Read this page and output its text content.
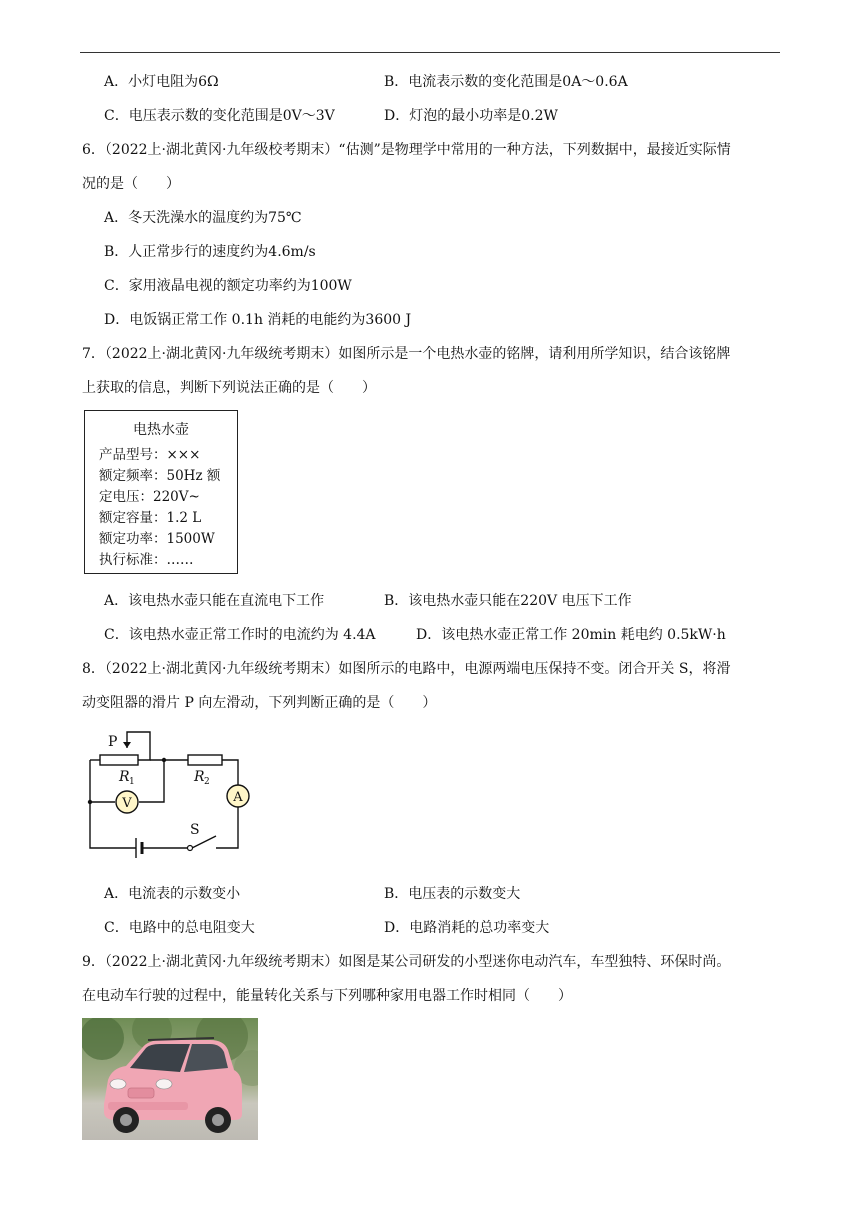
A．小灯电阻为6Ω	B．电流表示数的变化范围是0A～0.6A
C．电压表示数的变化范围是0V～3V	D．灯泡的最小功率是0.2W
6．（2022上·湖北黄冈·九年级校考期末）“估测”是物理学中常用的一种方法，下列数据中，最接近实际情
况的是（　　）
A．冬天洗澡水的温度约为75℃
B．人正常步行的速度约为4.6m/s
C．家用液晶电视的额定功率约为100W
D．电饭锅正常工作 0.1h 消耗的电能约为3600 J
7．（2022上·湖北黄冈·九年级统考期末）如图所示是一个电热水壶的铭牌，请利用所学知识，结合该铭牌
上获取的信息，判断下列说法正确的是（　　）
电热水壶
产品型号：×××
额定频率：50Hz 额
定电压：220V~
额定容量：1.2 L
额定功率：1500W
执行标准：……
A．该电热水壶只能在直流电下工作	B．该电热水壶只能在220V 电压下工作
C．该电热水壶正常工作时的电流约为 4.4A	D．该电热水壶正常工作 20min 耗电约 0.5kW·h
8．（2022上·湖北黄冈·九年级统考期末）如图所示的电路中，电源两端电压保持不变。闭合开关 S，将滑
动变阻器的滑片 P 向左滑动，下列判断正确的是（　　）
V	A
P
R 1	R 2
S
A．电流表的示数变小	B．电压表的示数变大
C．电路中的总电阻变大	D．电路消耗的总功率变大
9．（2022上·湖北黄冈·九年级统考期末）如图是某公司研发的小型迷你电动汽车，车型独特、环保时尚。
在电动车行驶的过程中，能量转化关系与下列哪种家用电器工作时相同（　　）
